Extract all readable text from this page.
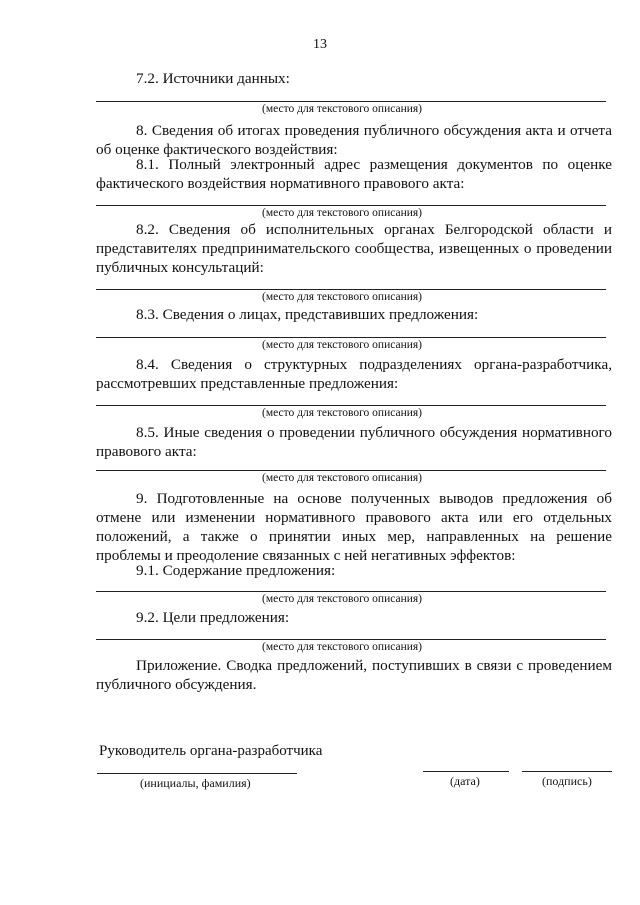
13

7.2. Источники данных:

(место для текстового описания)

8. Сведения об итогах проведения публичного обсуждения акта и отчета об оценке фактического воздействия:

8.1. Полный электронный адрес размещения документов по оценке фактического воздействия нормативного правового акта:

(место для текстового описания)

8.2. Сведения об исполнительных органах Белгородской области и представителях предпринимательского сообщества, извещенных о проведении публичных консультаций:

(место для текстового описания)

8.3. Сведения о лицах, представивших предложения:

(место для текстового описания)

8.4. Сведения о структурных подразделениях органа-разработчика, рассмотревших представленные предложения:

(место для текстового описания)

8.5. Иные сведения о проведении публичного обсуждения нормативного правового акта:

(место для текстового описания)

9. Подготовленные на основе полученных выводов предложения об отмене или изменении нормативного правового акта или его отдельных положений, а также о принятии иных мер, направленных на решение проблемы и преодоление связанных с ней негативных эффектов:

9.1. Содержание предложения:

(место для текстового описания)

9.2. Цели предложения:

(место для текстового описания)

Приложение. Сводка предложений, поступивших в связи с проведением публичного обсуждения.

Руководитель органа-разработчика
(инициалы, фамилия)	(дата)	(подпись)
